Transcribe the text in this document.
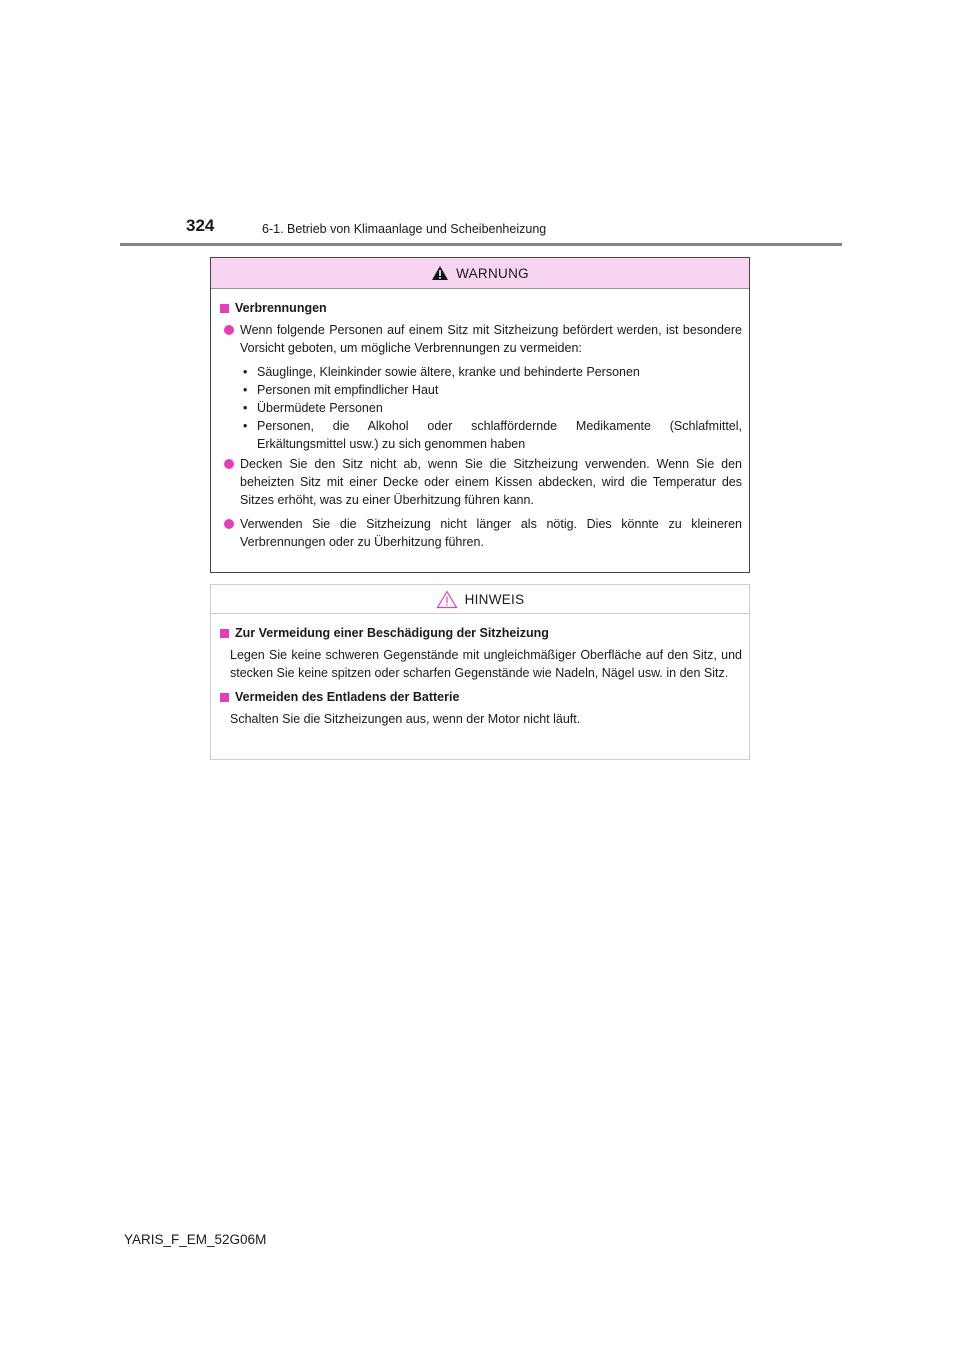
324	6-1. Betrieb von Klimaanlage und Scheibenheizung
WARNUNG
Verbrennungen
Wenn folgende Personen auf einem Sitz mit Sitzheizung befördert werden, ist besondere Vorsicht geboten, um mögliche Verbrennungen zu vermeiden:
• Säuglinge, Kleinkinder sowie ältere, kranke und behinderte Personen
• Personen mit empfindlicher Haut
• Übermüdete Personen
• Personen, die Alkohol oder schlaffördernde Medikamente (Schlafmittel, Erkältungsmittel usw.) zu sich genommen haben
Decken Sie den Sitz nicht ab, wenn Sie die Sitzheizung verwenden. Wenn Sie den beheizten Sitz mit einer Decke oder einem Kissen abdecken, wird die Temperatur des Sitzes erhöht, was zu einer Überhitzung führen kann.
Verwenden Sie die Sitzheizung nicht länger als nötig. Dies könnte zu kleineren Verbrennungen oder zu Überhitzung führen.
HINWEIS
Zur Vermeidung einer Beschädigung der Sitzheizung
Legen Sie keine schweren Gegenstände mit ungleichmäßiger Oberfläche auf den Sitz, und stecken Sie keine spitzen oder scharfen Gegenstände wie Nadeln, Nägel usw. in den Sitz.
Vermeiden des Entladens der Batterie
Schalten Sie die Sitzheizungen aus, wenn der Motor nicht läuft.
YARIS_F_EM_52G06M
